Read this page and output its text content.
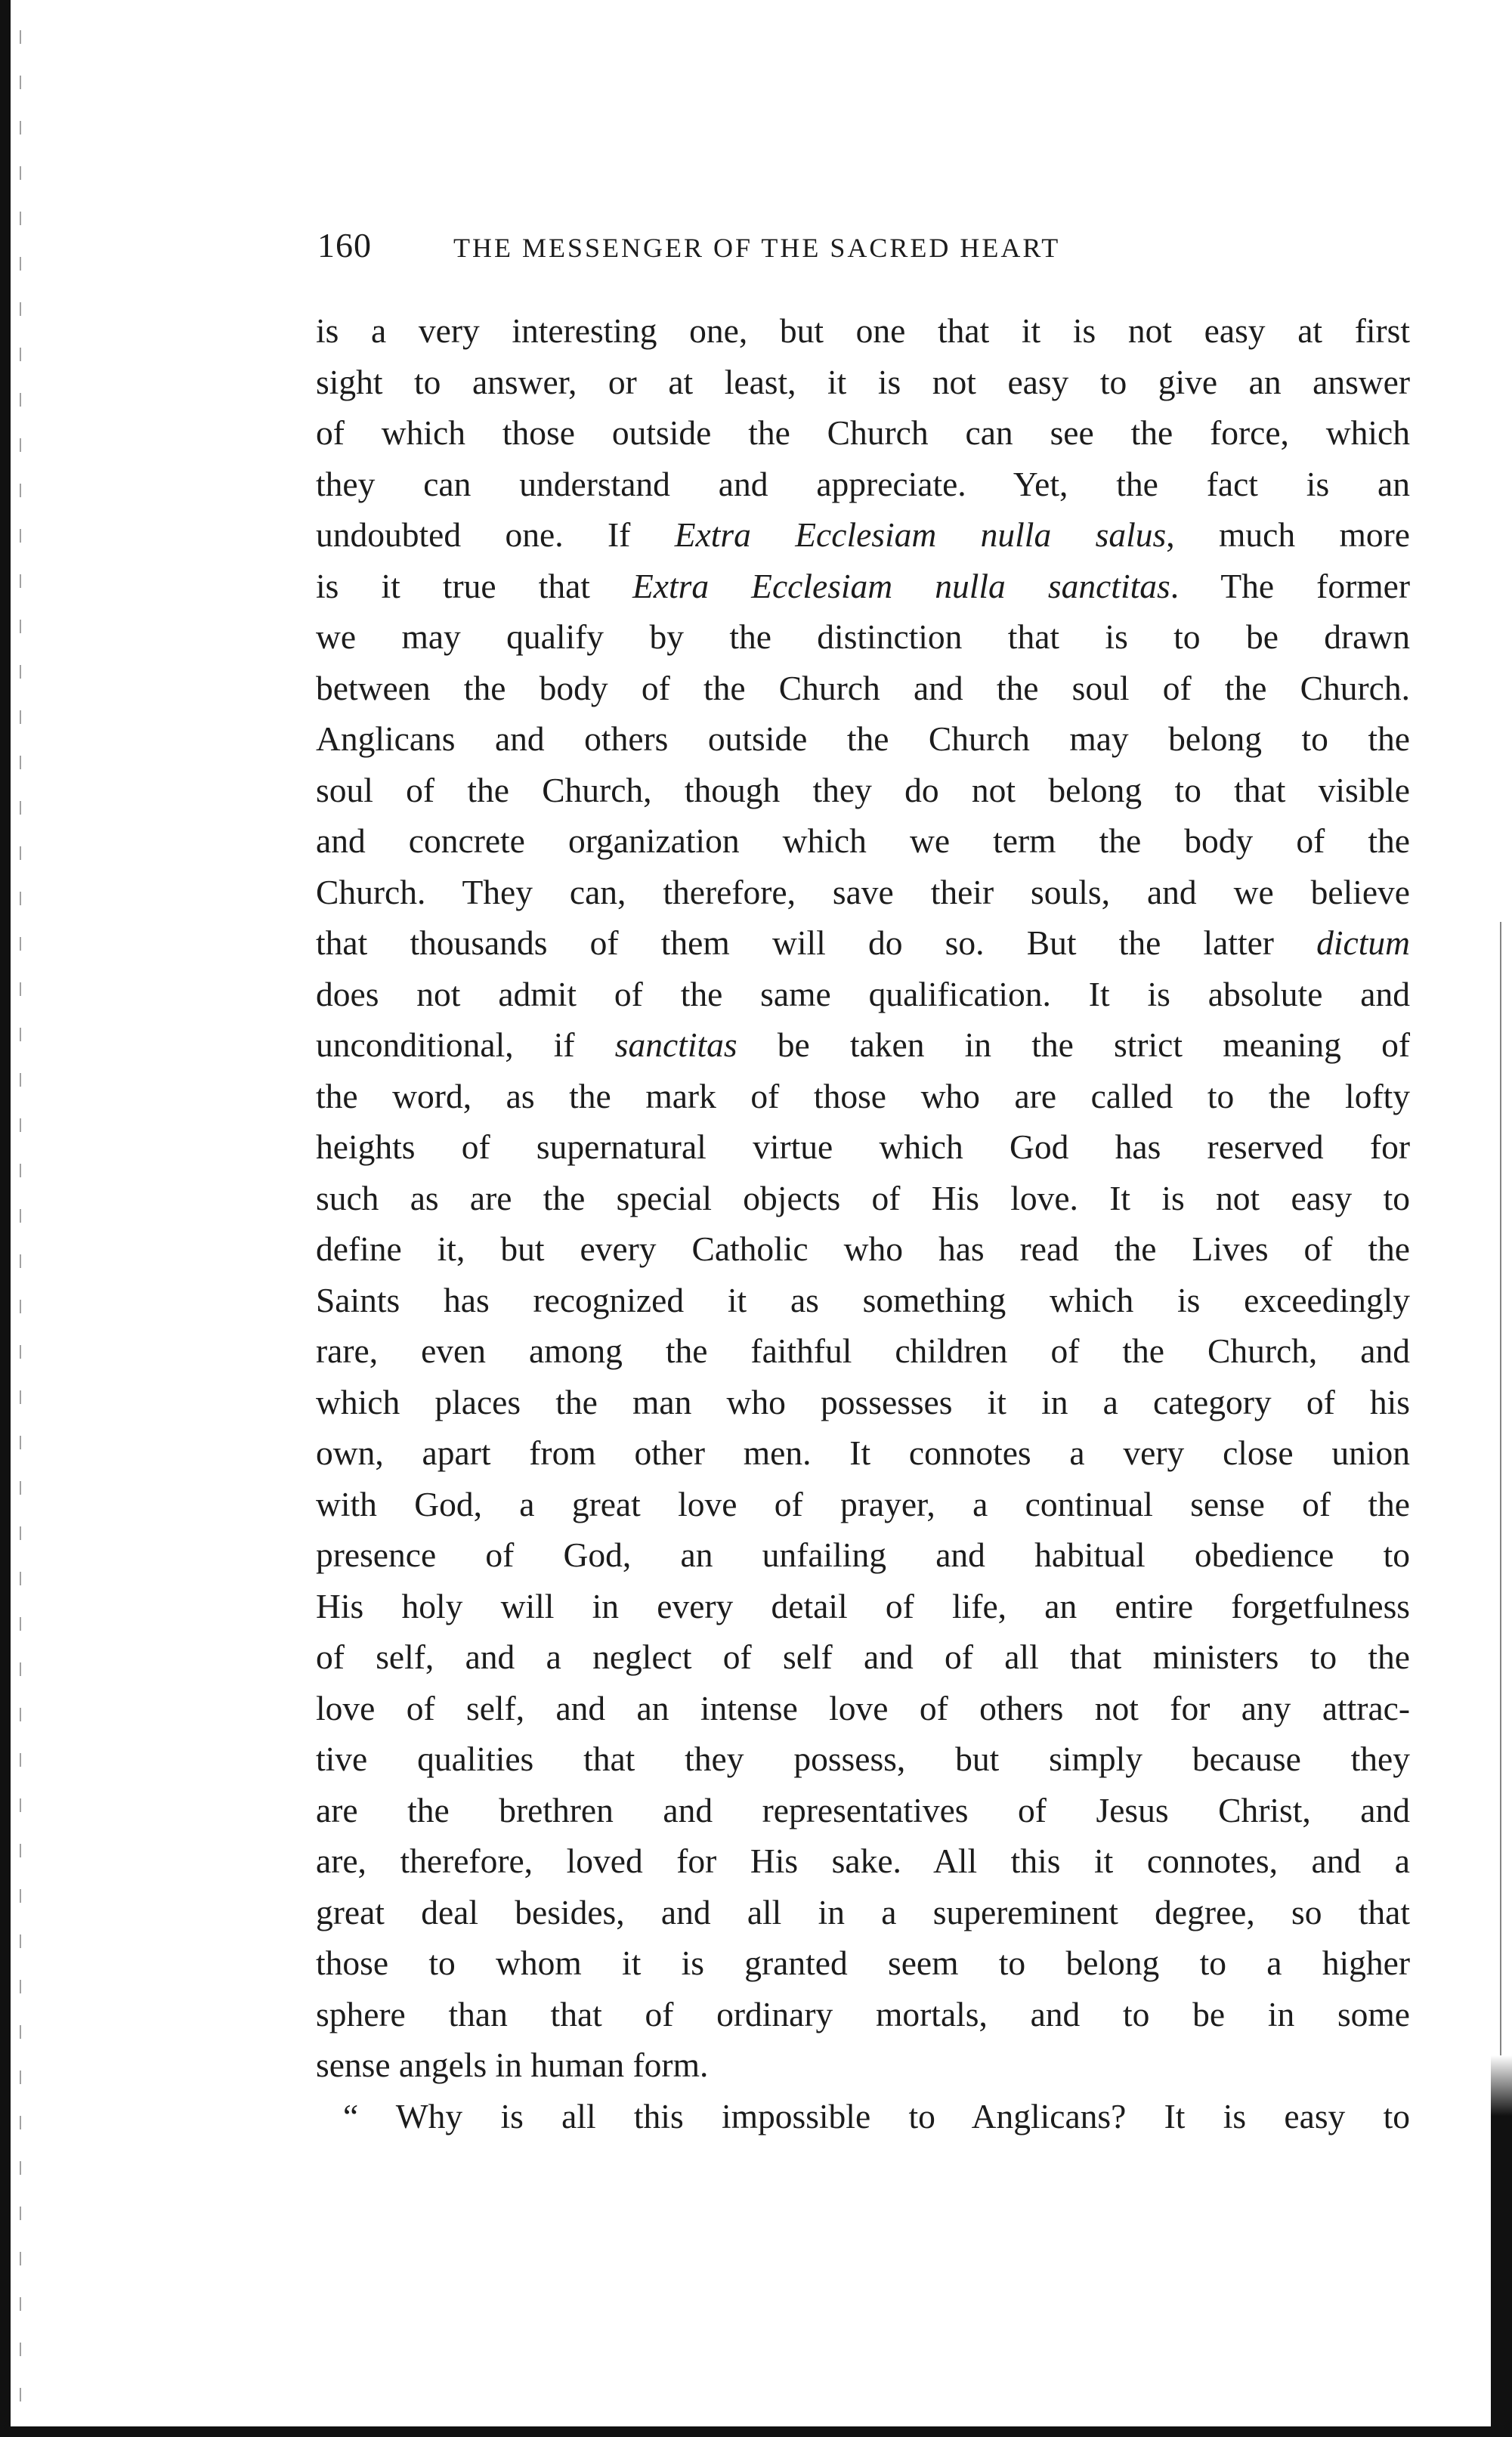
160	THE MESSENGER OF THE SACRED HEART
is a very interesting one, but one that it is not easy at first
sight to answer, or at least, it is not easy to give an answer
of which those outside the Church can see the force, which
they can understand and appreciate. Yet, the fact is an
undoubted one. If Extra Ecclesiam nulla salus, much more
is it true that Extra Ecclesiam nulla sanctitas. The former
we may qualify by the distinction that is to be drawn
between the body of the Church and the soul of the Church.
Anglicans and others outside the Church may belong to the
soul of the Church, though they do not belong to that visible
and concrete organization which we term the body of the
Church. They can, therefore, save their souls, and we believe
that thousands of them will do so. But the latter dictum
does not admit of the same qualification. It is absolute and
unconditional, if sanctitas be taken in the strict meaning of
the word, as the mark of those who are called to the lofty
heights of supernatural virtue which God has reserved for
such as are the special objects of His love. It is not easy to
define it, but every Catholic who has read the Lives of the
Saints has recognized it as something which is exceedingly
rare, even among the faithful children of the Church, and
which places the man who possesses it in a category of his
own, apart from other men. It connotes a very close union
with God, a great love of prayer, a continual sense of the
presence of God, an unfailing and habitual obedience to
His holy will in every detail of life, an entire forgetfulness
of self, and a neglect of self and of all that ministers to the
love of self, and an intense love of others not for any attrac-
tive qualities that they possess, but simply because they
are the brethren and representatives of Jesus Christ, and
are, therefore, loved for His sake. All this it connotes, and a
great deal besides, and all in a supereminent degree, so that
those to whom it is granted seem to belong to a higher
sphere than that of ordinary mortals, and to be in some
sense angels in human form.
“ Why is all this impossible to Anglicans? It is easy to
